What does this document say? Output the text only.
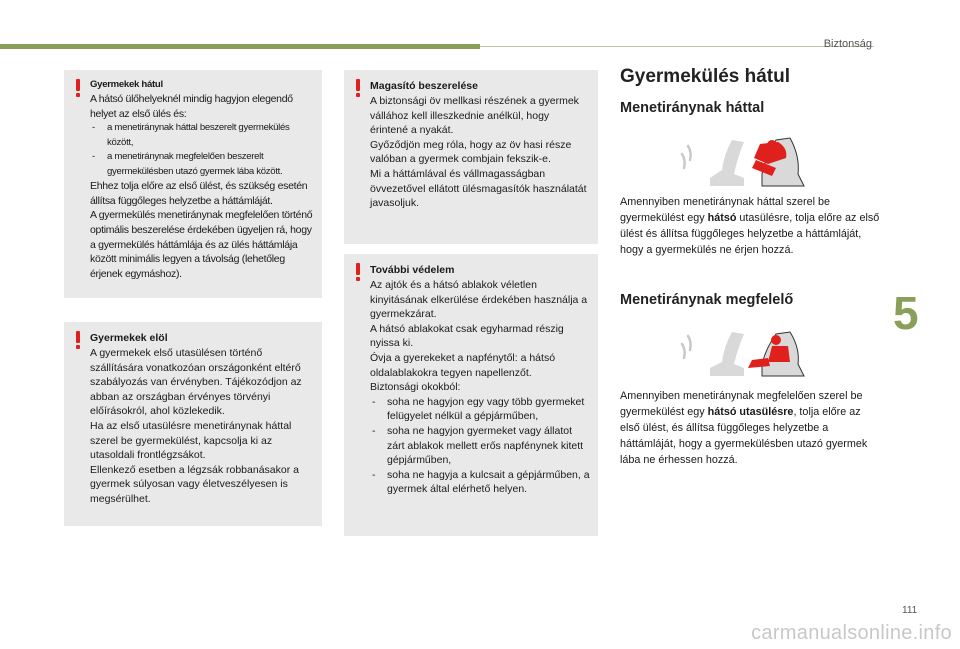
Biztonság
5
111
carmanualsonline.info
Gyermekek hátul
A hátsó ülőhelyeknél mindig hagyjon elegendő helyet az első ülés és:
- a menetiránynak háttal beszerelt gyermekülés között,
- a menetiránynak megfelelően beszerelt gyermekülésben utazó gyermek lába között.
Ehhez tolja előre az első ülést, és szükség esetén állítsa függőleges helyzetbe a háttámláját.
A gyermekülés menetiránynak megfelelően történő optimális beszerelése érdekében ügyeljen rá, hogy a gyermekülés háttámlája és az ülés háttámlája között minimális legyen a távolság (lehetőleg érjenek egymáshoz).
Gyermekek elöl
A gyermekek első utasülésen történő szállítására vonatkozóan országonként eltérő szabályozás van érvényben. Tájékozódjon az abban az országban érvényes törvényi előírásokról, ahol közlekedik.
Ha az első utasülésre menetiránynak háttal szerel be gyermekülést, kapcsolja ki az utasoldali frontlégzsákot.
Ellenkező esetben a légzsák robbanásakor a gyermek súlyosan vagy életveszélyesen is megsérülhet.
Magasító beszerelése
A biztonsági öv mellkasi részének a gyermek vállához kell illeszkednie anélkül, hogy érintené a nyakát.
Győződjön meg róla, hogy az öv hasi része valóban a gyermek combjain fekszik-e.
Mi a háttámlával és vállmagasságban övvezetővel ellátott ülésmagasítók használatát javasoljuk.
További védelem
Az ajtók és a hátsó ablakok véletlen kinyitásának elkerülése érdekében használja a gyermekzárat.
A hátsó ablakokat csak egyharmad részig nyissa ki.
Óvja a gyerekeket a napfénytől: a hátsó oldalablakokra tegyen napellenzőt.
Biztonsági okokból:
- soha ne hagyjon egy vagy több gyermeket felügyelet nélkül a gépjárműben,
- soha ne hagyjon gyermeket vagy állatot zárt ablakok mellett erős napfénynek kitett gépjárműben,
- soha ne hagyja a kulcsait a gépjárműben, a gyermek által elérhető helyen.
Gyermekülés hátul
Menetiránynak háttal
Amennyiben menetiránynak háttal szerel be gyermekülést egy hátsó utasülésre, tolja előre az első ülést és állítsa függőleges helyzetbe a háttámláját, hogy a gyermekülés ne érjen hozzá.
Menetiránynak megfelelő
Amennyiben menetiránynak megfelelően szerel be gyermekülést egy hátsó utasülésre, tolja előre az első ülést, és állítsa függőleges helyzetbe a háttámláját, hogy a gyermekülésben utazó gyermek lába ne érhessen hozzá.
